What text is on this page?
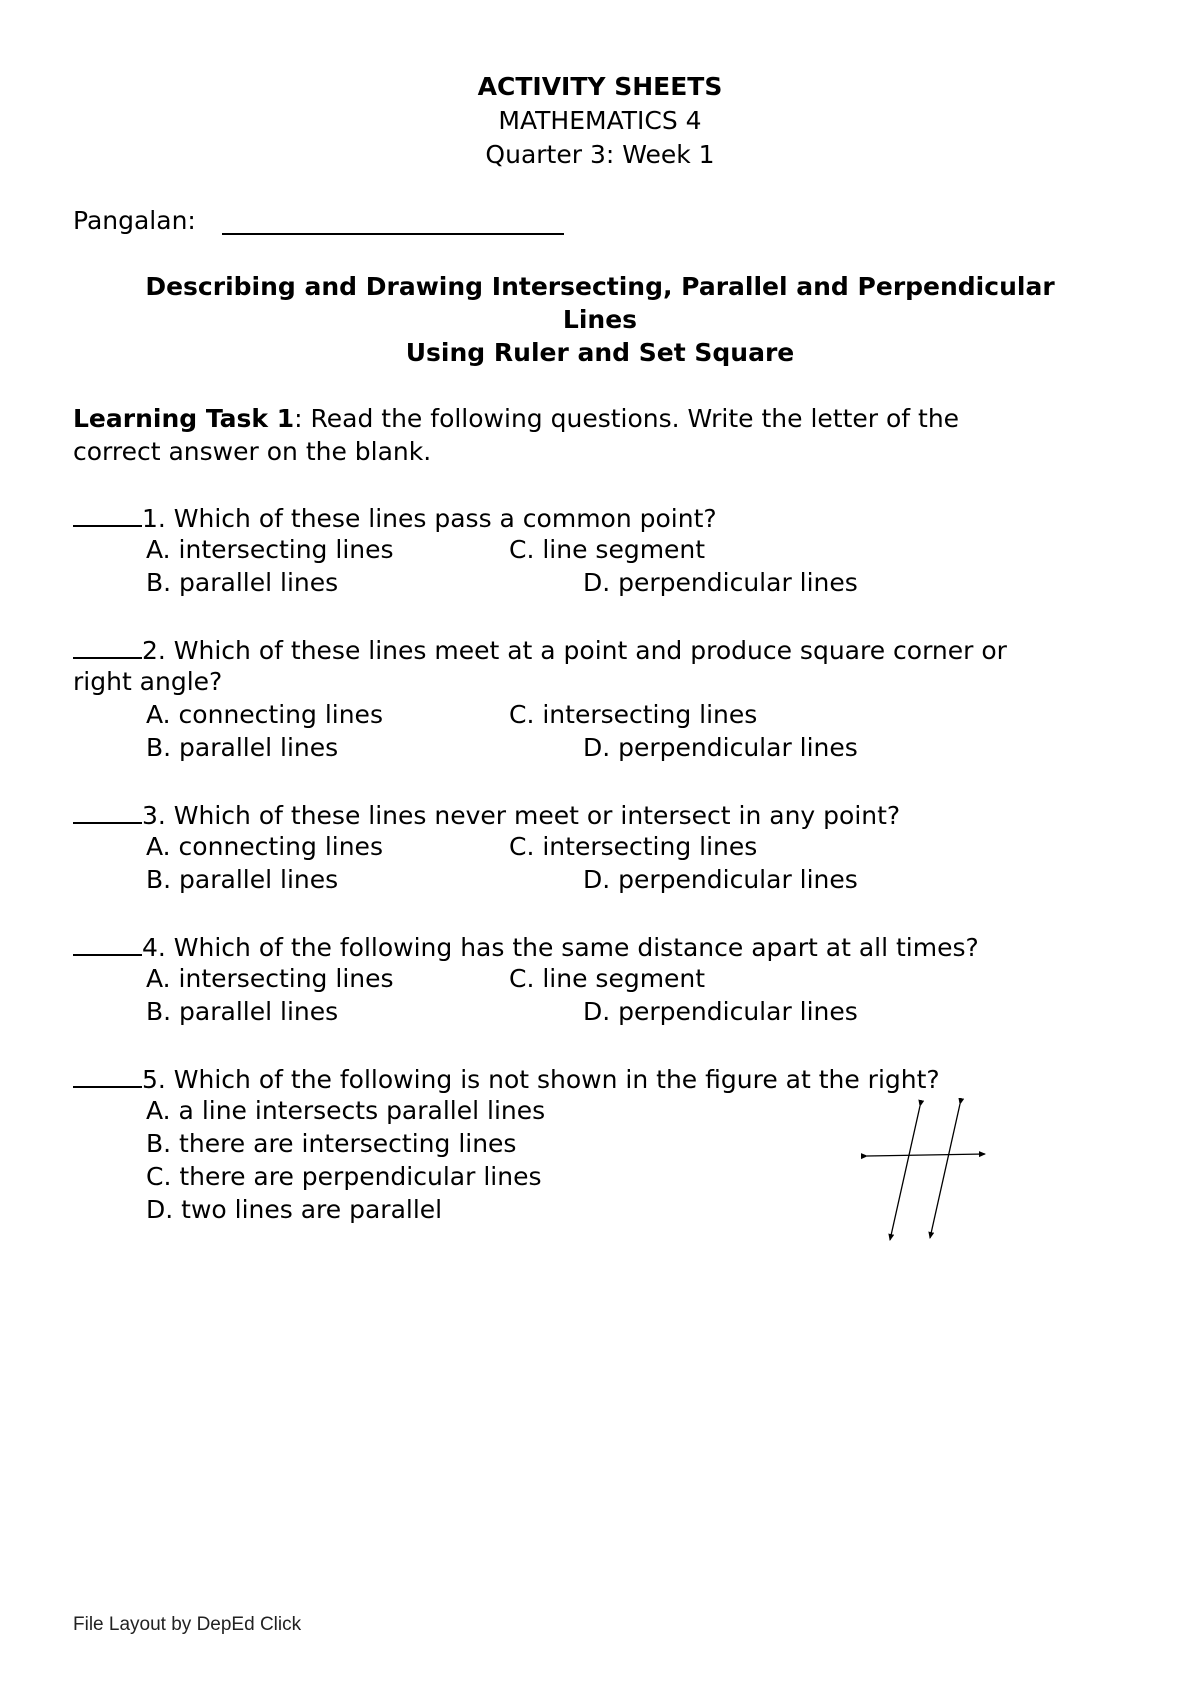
ACTIVITY SHEETS
MATHEMATICS 4
Quarter 3: Week 1
Pangalan:
Describing and Drawing Intersecting, Parallel and Perpendicular
Lines
Using Ruler and Set Square
Learning Task 1: Read the following questions. Write the letter of the
correct answer on the blank.
1. Which of these lines pass a common point?
A. intersecting lines	C. line segment
B. parallel lines	D. perpendicular lines
2. Which of these lines meet at a point and produce square corner or
right angle?
A. connecting lines	C. intersecting lines
B. parallel lines	D. perpendicular lines
3. Which of these lines never meet or intersect in any point?
A. connecting lines	C. intersecting lines
B. parallel lines	D. perpendicular lines
4. Which of the following has the same distance apart at all times?
A. intersecting lines	C. line segment
B. parallel lines	D. perpendicular lines
5. Which of the following is not shown in the figure at the right?
A. a line intersects parallel lines
B. there are intersecting lines
C. there are perpendicular lines
D. two lines are parallel
File Layout by DepEd Click
